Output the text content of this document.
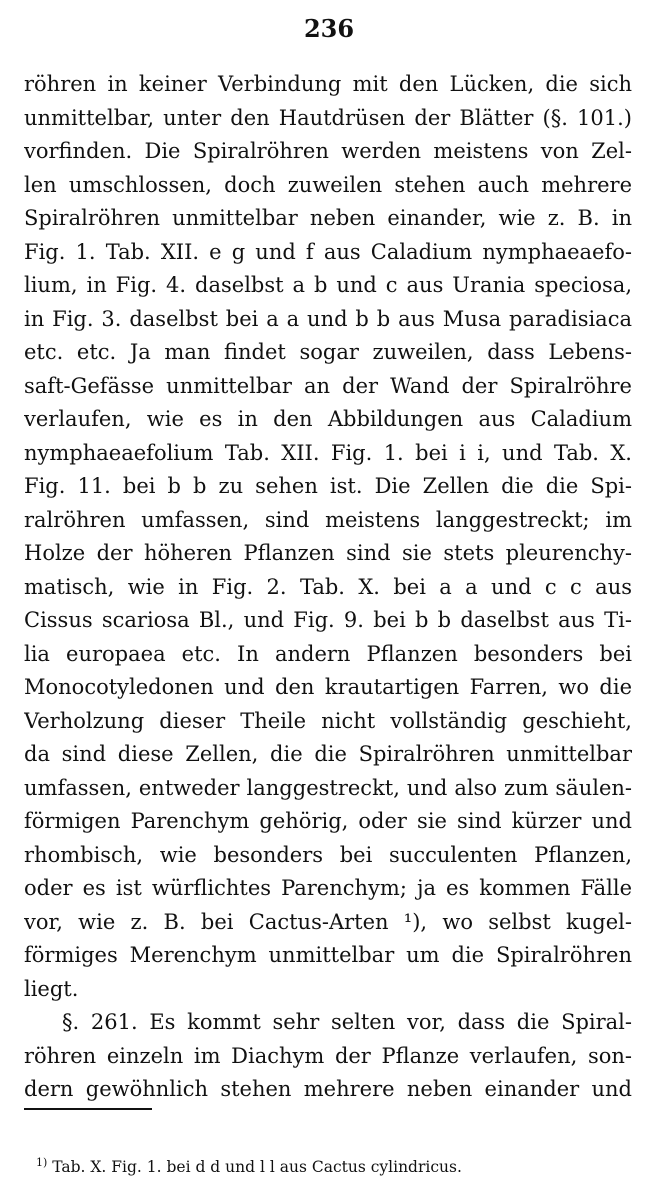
236
röhren in keiner Verbindung mit den Lücken, die sich
unmittelbar, unter den Hautdrüsen der Blätter (§. 101.)
vorfinden. Die Spiralröhren werden meistens von Zel-
len umschlossen, doch zuweilen stehen auch mehrere
Spiralröhren unmittelbar neben einander, wie z. B. in
Fig. 1. Tab. XII. e g und f aus Caladium nymphaeaefo-
lium, in Fig. 4. daselbst a b und c aus Urania speciosa,
in Fig. 3. daselbst bei a a und b b aus Musa paradisiaca
etc. etc. Ja man findet sogar zuweilen, dass Lebens-
saft-Gefässe unmittelbar an der Wand der Spiralröhre
verlaufen, wie es in den Abbildungen aus Caladium
nymphaeaefolium Tab. XII. Fig. 1. bei i i, und Tab. X.
Fig. 11. bei b b zu sehen ist. Die Zellen die die Spi-
ralröhren umfassen, sind meistens langgestreckt; im
Holze der höheren Pflanzen sind sie stets pleurenchy-
matisch, wie in Fig. 2. Tab. X. bei a a und c c aus
Cissus scariosa Bl., und Fig. 9. bei b b daselbst aus Ti-
lia europaea etc. In andern Pflanzen besonders bei
Monocotyledonen und den krautartigen Farren, wo die
Verholzung dieser Theile nicht vollständig geschieht,
da sind diese Zellen, die die Spiralröhren unmittelbar
umfassen, entweder langgestreckt, und also zum säulen-
förmigen Parenchym gehörig, oder sie sind kürzer und
rhombisch, wie besonders bei succulenten Pflanzen,
oder es ist würflichtes Parenchym; ja es kommen Fälle
vor, wie z. B. bei Cactus-Arten ¹), wo selbst kugel-
förmiges Merenchym unmittelbar um die Spiralröhren
liegt.
§. 261. Es kommt sehr selten vor, dass die Spiral-
röhren einzeln im Diachym der Pflanze verlaufen, son-
dern gewöhnlich stehen mehrere neben einander und
$^{1)}$ Tab. X. Fig. 1. bei d d und l l aus Cactus cylindricus.
